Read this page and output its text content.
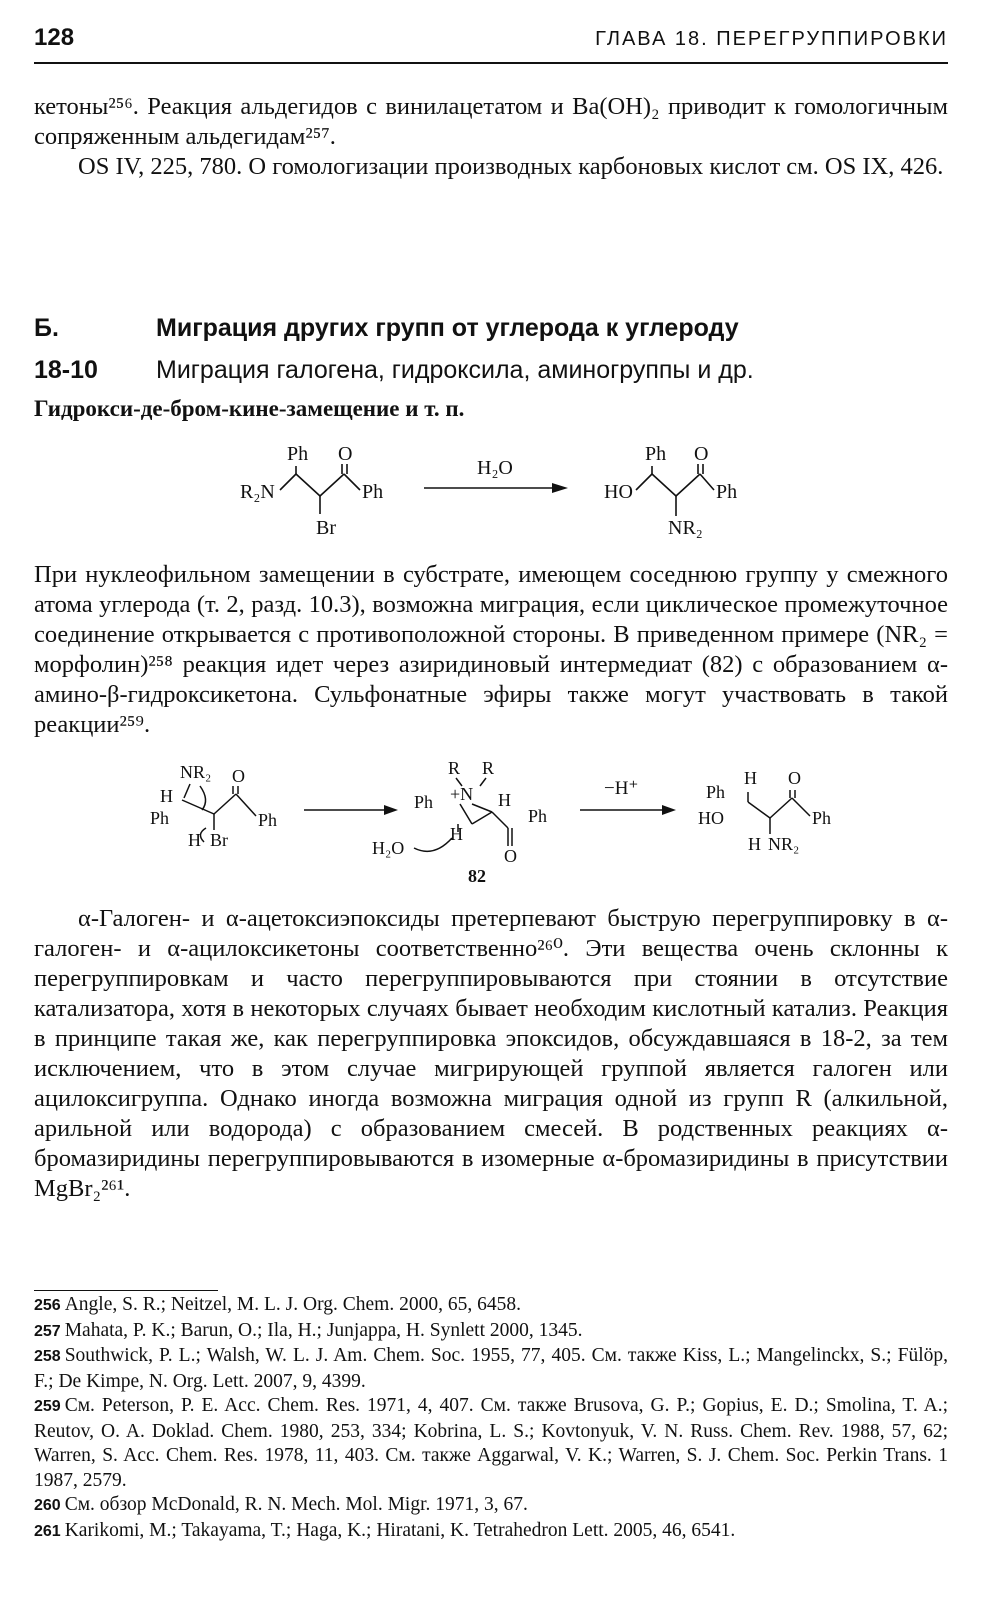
128	ГЛАВА 18. ПЕРЕГРУППИРОВКИ

кетоны²⁵⁶. Реакция альдегидов с винилацетатом и Ba(OH)₂ приводит к гомологичным сопряженным альдегидам²⁵⁷.

OS IV, 225, 780. О гомологизации производных карбоновых кислот см. OS IX, 426.

Б.	Миграция других групп от углерода к углероду
18-10 Миграция галогена, гидроксила, аминогруппы и др.
Гидрокси-де-бром-кине-замещение и т. п.
Ph O
R₂N	Ph
Br
H₂O
Ph O
HO	Ph
NR₂

При нуклеофильном замещении в субстрате, имеющем соседнюю группу у смежного атома углерода (т. 2, разд. 10.3), возможна миграция, если циклическое промежуточное соединение открывается с противоположной стороны. В приведенном примере (NR₂ = морфолин)²⁵⁸ реакция идет через азиридиновый интермедиат (82) с образованием α-амино-β-гидроксикетона. Сульфонатные эфиры также могут участвовать в такой реакции²⁵⁹.

NR₂ O
H
Ph	Ph
H Br
R R
+N
Ph	H
H
Ph
O
H₂O
82
−H⁺	Ph
H O
HO	Ph
H NR₂

α-Галоген- и α-ацетоксиэпоксиды претерпевают быструю перегруппировку в α-галоген- и α-ацилоксикетоны соответственно²⁶⁰. Эти вещества очень склонны к перегруппировкам и часто перегруппировываются при стоянии в отсутствие катализатора, хотя в некоторых случаях бывает необходим кислотный катализ. Реакция в принципе такая же, как перегруппировка эпоксидов, обсуждавшаяся в 18-2, за тем исключением, что в этом случае мигрирующей группой является галоген или ацилоксигруппа. Однако иногда возможна миграция одной из групп R (алкильной, арильной или водорода) с образованием смесей. В родственных реакциях α-бромазиридины перегруппировываются в изомерные α-бромазиридины в присутствии MgBr₂²⁶¹.

256 Angle, S. R.; Neitzel, M. L. J. Org. Chem. 2000, 65, 6458.

257 Mahata, P. K.; Barun, O.; Ila, H.; Junjappa, H. Synlett 2000, 1345.

258 Southwick, P. L.; Walsh, W. L. J. Am. Chem. Soc. 1955, 77, 405. См. также Kiss, L.; Mangelinckx, S.; Fülöp, F.; De Kimpe, N. Org. Lett. 2007, 9, 4399.

259 См. Peterson, P. E. Acc. Chem. Res. 1971, 4, 407. См. также Brusova, G. P.; Gopius, E. D.; Smolina, T. A.; Reutov, O. A. Doklad. Chem. 1980, 253, 334; Kobrina, L. S.; Kovtonyuk, V. N. Russ. Chem. Rev. 1988, 57, 62; Warren, S. Acc. Chem. Res. 1978, 11, 403. См. также Aggarwal, V. K.; Warren, S. J. Chem. Soc. Perkin Trans. 1 1987, 2579.

260 См. обзор McDonald, R. N. Mech. Mol. Migr. 1971, 3, 67.

261 Karikomi, M.; Takayama, T.; Haga, K.; Hiratani, K. Tetrahedron Lett. 2005, 46, 6541.
